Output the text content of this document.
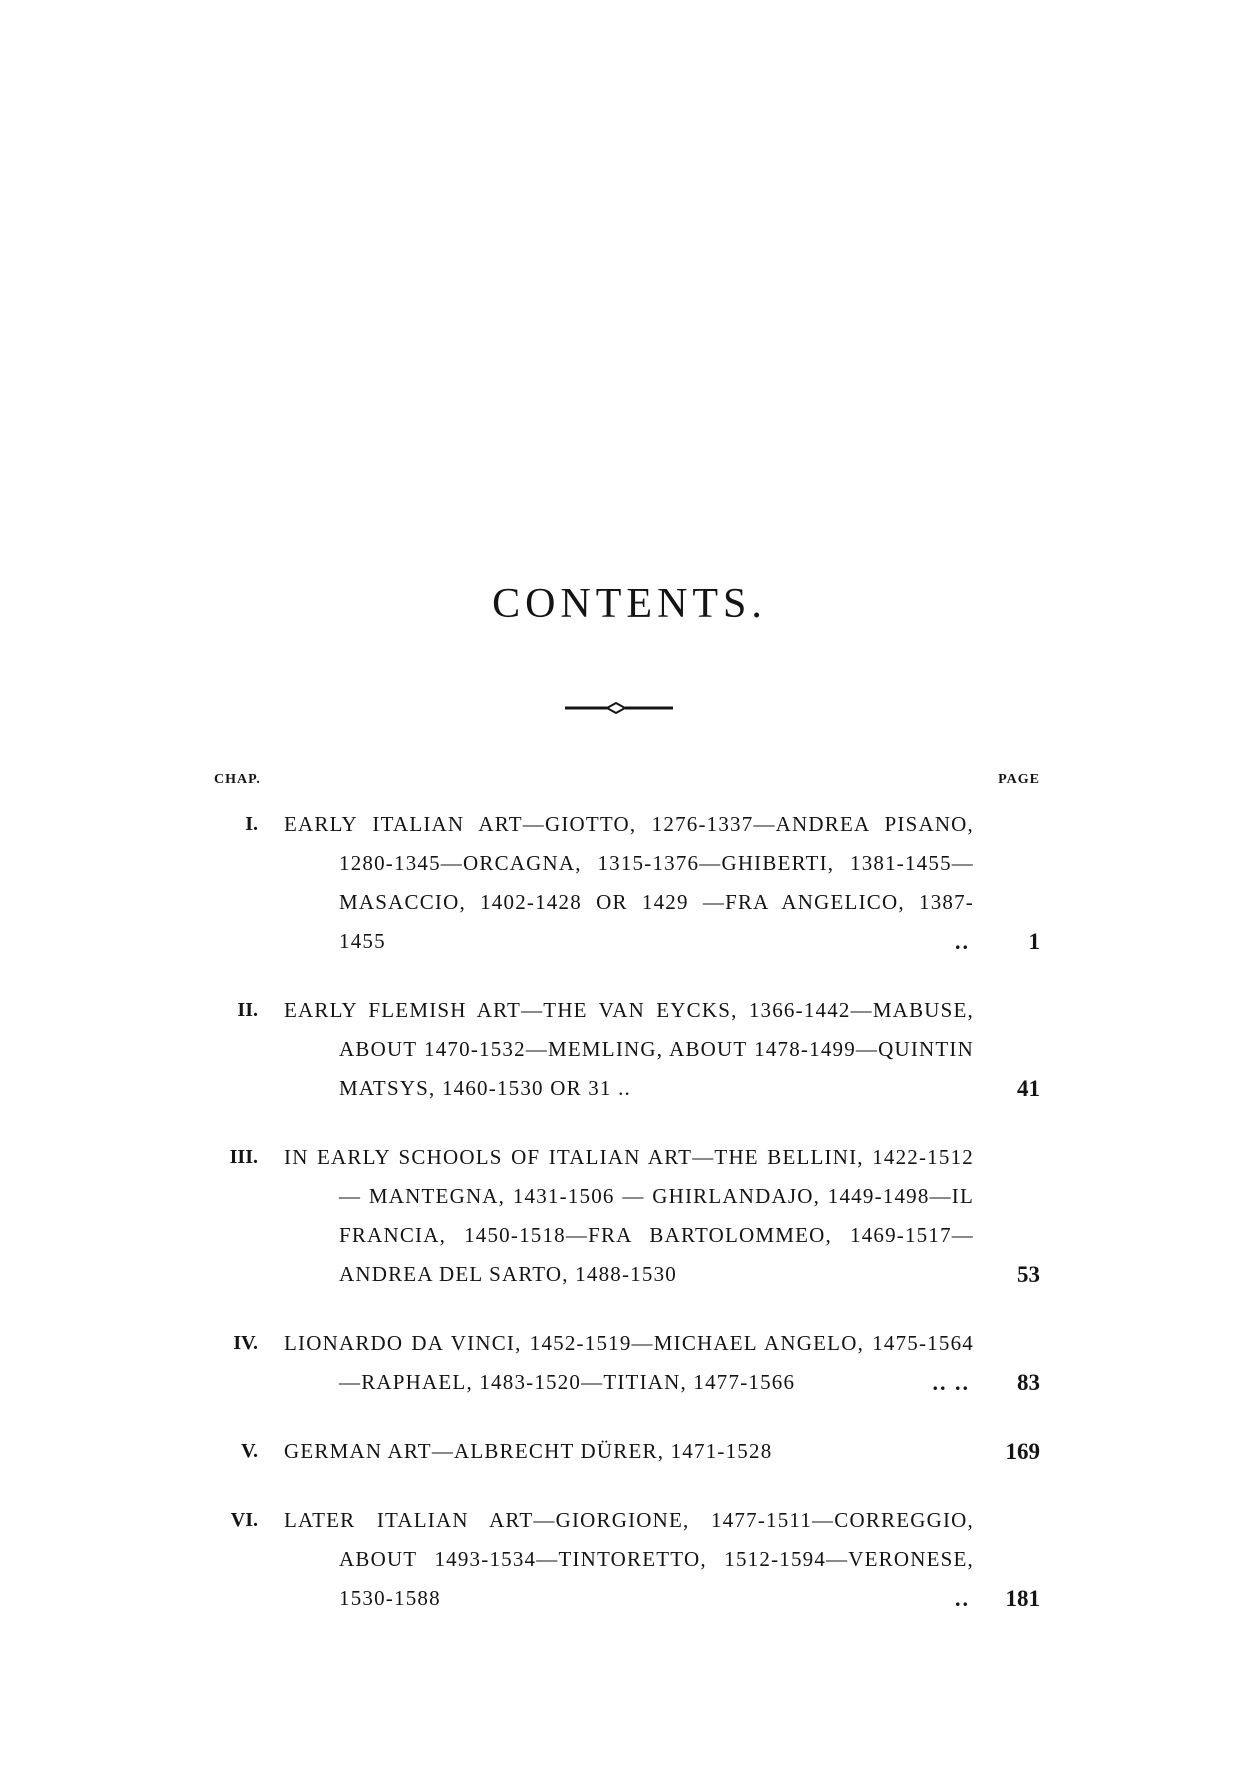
CONTENTS.
CHAP.	PAGE
I. EARLY ITALIAN ART—GIOTTO, 1276-1337—ANDREA PISANO, 1280-1345—ORCAGNA, 1315-1376—GHIBERTI, 1381-1455—MASACCIO, 1402-1428 OR 1429 —FRA ANGELICO, 1387-1455	..	1
II. EARLY FLEMISH ART—THE VAN EYCKS, 1366-1442—MABUSE, ABOUT 1470-1532—MEMLING, ABOUT 1478-1499—QUINTIN MATSYS, 1460-1530 OR 31 ..	41
III. IN EARLY SCHOOLS OF ITALIAN ART—THE BELLINI, 1422-1512 — MANTEGNA, 1431-1506 — GHIRLANDAJO, 1449-1498—IL FRANCIA, 1450-1518—FRA BARTOLOMMEO, 1469-1517—ANDREA DEL SARTO, 1488-1530	53
IV. LIONARDO DA VINCI, 1452-1519—MICHAEL ANGELO, 1475-1564—RAPHAEL, 1483-1520—TITIAN, 1477-1566	.. ..	83
V. GERMAN ART—ALBRECHT DÜRER, 1471-1528	169
VI. LATER ITALIAN ART—GIORGIONE, 1477-1511—CORREGGIO, ABOUT 1493-1534—TINTORETTO, 1512-1594—VERONESE, 1530-1588	..	181
